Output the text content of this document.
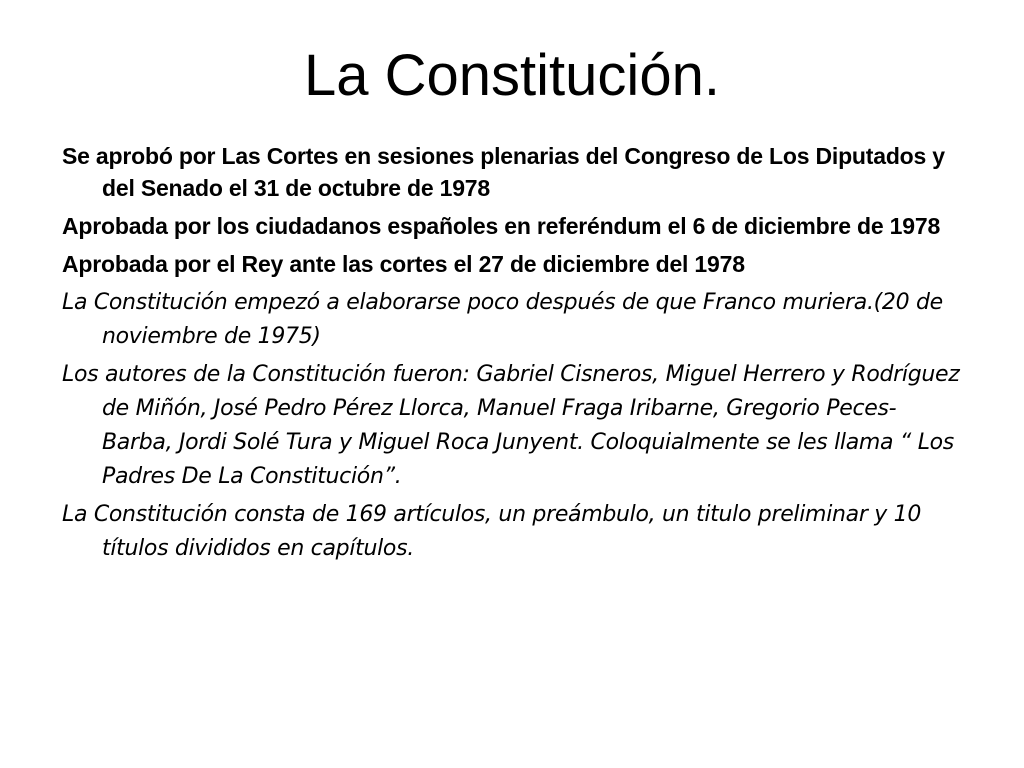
La Constitución.

Se aprobó por Las Cortes en sesiones plenarias del Congreso de Los Diputados y del Senado el 31 de octubre de 1978

Aprobada por los ciudadanos españoles en referéndum el 6 de diciembre de 1978

Aprobada por el Rey ante las cortes el 27 de diciembre del 1978

La Constitución empezó a elaborarse poco después de que Franco muriera.(20 de noviembre de 1975)

Los autores de la Constitución fueron: Gabriel Cisneros, Miguel Herrero y Rodríguez de Miñón, José Pedro Pérez Llorca, Manuel Fraga Iribarne, Gregorio Peces-Barba, Jordi Solé Tura y Miguel Roca Junyent. Coloquialmente se les llama “ Los Padres De La Constitución”.

La Constitución consta de 169 artículos, un preámbulo, un titulo preliminar y 10 títulos divididos en capítulos.
